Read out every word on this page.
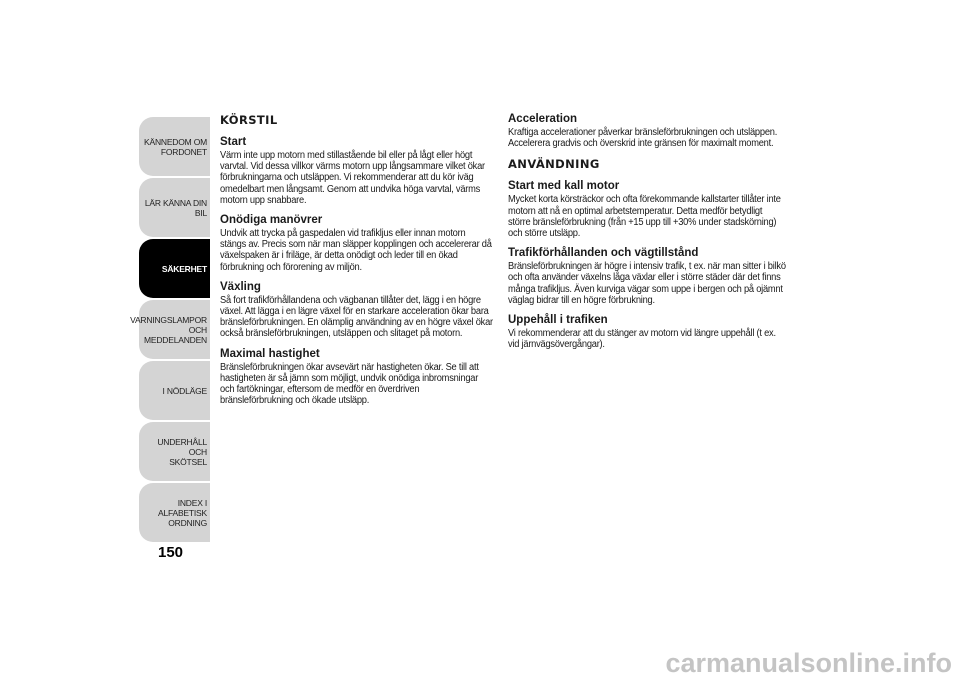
KÄNNEDOM OM
FORDONET
LÄR KÄNNA DIN BIL
SÄKERHET
VARNINGSLAMPOR
OCH MEDDELANDEN
I NÖDLÄGE
UNDERHÅLL OCH
SKÖTSEL
INDEX I ALFABETISK
ORDNING
150
KÖRSTIL
Start
Värm inte upp motorn med stillastående bil eller på lågt eller högt varvtal. Vid dessa villkor värms motorn upp långsammare vilket ökar förbrukningarna och utsläppen. Vi rekommenderar att du kör iväg omedelbart men långsamt. Genom att undvika höga varvtal, värms motorn upp snabbare.
Onödiga manövrer
Undvik att trycka på gaspedalen vid trafikljus eller innan motorn stängs av. Precis som när man släpper kopplingen och accelererar då växelspaken är i friläge, är detta onödigt och leder till en ökad förbrukning och förorening av miljön.
Växling
Så fort trafikförhållandena och vägbanan tillåter det, lägg i en högre växel. Att lägga i en lägre växel för en starkare acceleration ökar bara bränsleförbrukningen. En olämplig användning av en högre växel ökar också bränsleförbrukningen, utsläppen och slitaget på motorn.
Maximal hastighet
Bränsleförbrukningen ökar avsevärt när hastigheten ökar. Se till att hastigheten är så jämn som möjligt, undvik onödiga inbromsningar och fartökningar, eftersom de medför en överdriven bränsleförbrukning och ökade utsläpp.
Acceleration
Kraftiga accelerationer påverkar bränsleförbrukningen och utsläppen. Accelerera gradvis och överskrid inte gränsen för maximalt moment.
ANVÄNDNING
Start med kall motor
Mycket korta körsträckor och ofta förekommande kallstarter tillåter inte motorn att nå en optimal arbetstemperatur. Detta medför betydligt större bränsleförbrukning (från +15 upp till +30% under stadskörning) och större utsläpp.
Trafikförhållanden och vägtillstånd
Bränsleförbrukningen är högre i intensiv trafik, t ex. när man sitter i bilkö och ofta använder växelns låga växlar eller i större städer där det finns många trafikljus. Även kurviga vägar som uppe i bergen och på ojämnt väglag bidrar till en högre förbrukning.
Uppehåll i trafiken
Vi rekommenderar att du stänger av motorn vid längre uppehåll (t ex. vid järnvägsövergångar).
carmanualsonline.info
